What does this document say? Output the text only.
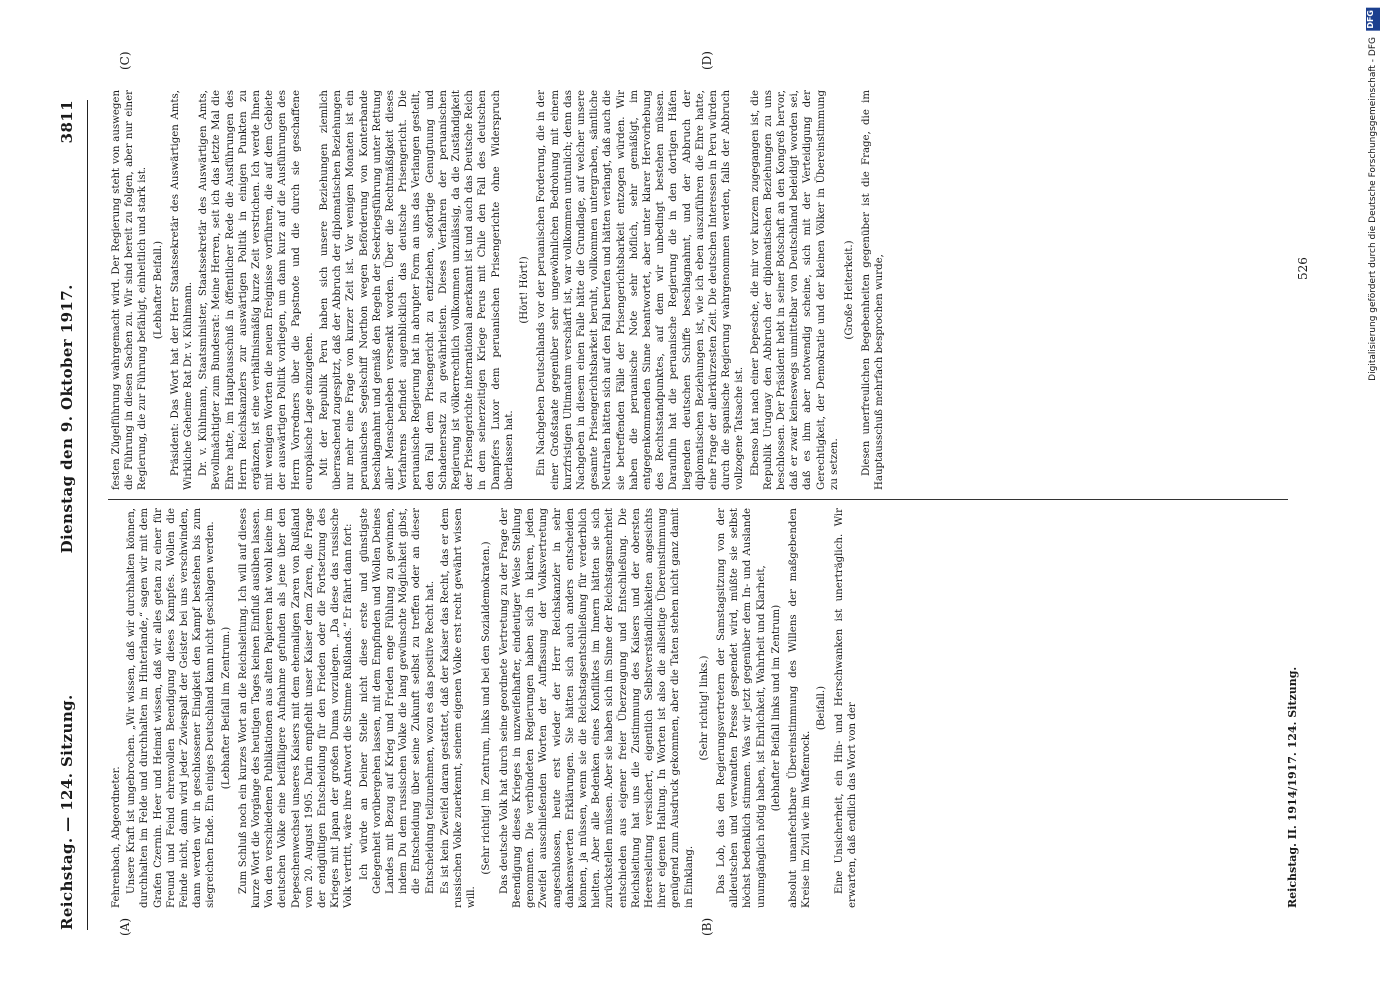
Reichstag. — 124. Sitzung.
Dienstag den 9. Oktober 1917.
3811
(A)	(B)
(C)	(D)

Fehrenbach, Abgeordneter. Unsere Kraft ist ungebrochen. „Wir wissen, daß wir durchhalten können, durchhalten im Felde und durchhalten im Hinterlande,“ sagen wir mit dem Grafen Czernin. Heer und Heimat wissen, daß wir alles getan zu einer für Freund und Feind ehrenvollen Beendigung dieses Kampfes. Wollen die Feinde nicht, dann wird jeder Zwiespalt der Geister bei uns verschwinden, dann werden wir in geschlossener Einigkeit den Kampf bestehen bis zum siegreichen Ende. Ein einiges Deutschland kann nicht geschlagen werden. (Lebhafter Beifall im Zentrum.) Zum Schluß noch ein kurzes Wort an die Reichsleitung. Ich will auf dieses kurze Wort die Vorgänge des heutigen Tages keinen Einfluß ausüben lassen. Von den verschiedenen Publikationen aus alten Papieren hat wohl keine im deutschen Volke eine beifälligere Aufnahme gefunden als jene über den Depeschenwechsel unseres Kaisers mit dem ehemaligen Zaren von Rußland vom 20. August 1905. Darin empfiehlt unser Kaiser dem Zaren, die Frage der endgültigen Entscheidung für den Frieden oder die Fortsetzung des Krieges mit Japan der großen Duma vorzulegen. „Da diese das russische Volk vertritt, wäre ihre Antwort die Stimme Rußlands.“ Er fährt dann fort: Ich würde an Deiner Stelle nicht diese erste und günstigste Gelegenheit vorübergehen lassen, mit dem Empfinden und Wollen Deines Landes mit Bezug auf Krieg und Frieden enge Fühlung zu gewinnen, indem Du dem russischen Volke die lang gewünschte Möglichkeit gibst, die Entscheidung über seine Zukunft selbst zu treffen oder an dieser Entscheidung teilzunehmen, wozu es das positive Recht hat. Es ist kein Zweifel daran gestattet, daß der Kaiser das Recht, das er dem russischen Volke zuerkennt, seinem eigenen Volke erst recht gewährt wissen will.

(Sehr richtig! im Zentrum, links und bei den Sozialdemokraten.) Das deutsche Volk hat durch seine geordnete Vertretung zu der Frage der Beendigung dieses Krieges in unzweifelhafter, eindeutiger Weise Stellung genommen. Die verbündeten Regierungen haben sich in klaren, jeden Zweifel ausschließenden Worten der Auffassung der Volksvertretung angeschlossen, heute erst wieder der Herr Reichskanzler in sehr dankenswerten Erklärungen. Sie hätten sich auch anders entscheiden können, ja müssen, wenn sie die Reichstagsentschließung für verderblich hielten. Aber alle Bedenken eines Konfliktes im Innern hätten sie sich zurückstellen müssen. Aber sie haben sich im Sinne der Reichstagsmehrheit entschieden aus eigener freier Überzeugung und Entschließung. Die Reichsleitung hat uns die Zustimmung des Kaisers und der obersten Heeresleitung versichert, eigentlich Selbstverständlichkeiten angesichts ihrer eigenen Haltung. In Worten ist also die allseitige Übereinstimmung genügend zum Ausdruck gekommen, aber die Taten stehen nicht ganz damit in Einklang.

(Sehr richtig! links.) Das Lob, das den Regierungsvertretern der Samstagsitzung von der alldeutschen und verwandten Presse gespendet wird, müßte sie selbst höchst bedenklich stimmen. Was wir jetzt gegenüber dem In- und Auslande unumgänglich nötig haben, ist Ehrlichkeit, Wahrheit und Klarheit, (lebhafter Beifall links und im Zentrum) absolut unanfechtbare Übereinstimmung des Willens der maßgebenden Kreise im Zivil wie im Waffenrock.

(Beifall.) Eine Unsicherheit, ein Hin- und Herschwanken ist unerträglich. Wir erwarten, daß endlich das Wort von der

festen Zügelführung wahrgemacht wird. Der Regierung steht von auswegen die Führung in diesen Sachen zu. Wir sind bereit zu folgen, aber nur einer Regierung, die zur Führung befähigt, einheitlich und stark ist. (Lebhafter Beifall.) Präsident: Das Wort hat der Herr Staatssekretär des Auswärtigen Amts, Wirkliche Geheime Rat Dr. v. Kühlmann. Dr. v. Kühlmann, Staatsminister, Staatssekretär des Auswärtigen Amts, Bevollmächtigter zum Bundesrat: Meine Herren, seit ich das letzte Mal die Ehre hatte, im Hauptausschuß in öffentlicher Rede die Ausführungen des Herrn Reichskanzlers zur auswärtigen Politik in einigen Punkten zu ergänzen, ist eine verhältnismäßig kurze Zeit verstrichen. Ich werde Ihnen mit wenigen Worten die neuen Ereignisse vorführen, die auf dem Gebiete der auswärtigen Politik vorliegen, um dann kurz auf die Ausführungen des Herrn Vorredners über die Papstnote und die durch sie geschaffene europäische Lage einzugehen. Mit der Republik Peru haben sich unsere Beziehungen ziemlich überraschend zugespitzt, daß der Abbruch der diplomatischen Beziehungen nur mehr eine Frage von kurzer Zeit ist. Vor wenigen Monaten ist ein peruanisches Segelschiff Northon wegen Beförderung von Konterbande beschlagnahmt und gemäß den Regeln der Seekriegsführung unter Rettung aller Menschenleben versenkt worden. Über die Rechtmäßigkeit dieses Verfahrens befindet augenblicklich das deutsche Prisengericht. Die peruanische Regierung hat in abrupter Form an uns das Verlangen gestellt, den Fall dem Prisengericht zu entziehen, sofortige Genugtuung und Schadenersatz zu gewährleisten. Dieses Verfahren der peruanischen Regierung ist völkerrechtlich vollkommen unzulässig, da die Zuständigkeit der Prisengerichte international anerkannt ist und auch das Deutsche Reich in dem seinerzeitigen Kriege Perus mit Chile den Fall des deutschen Dampfers Luxor dem peruanischen Prisengerichte ohne Widerspruch überlassen hat.

(Hört! Hört!) Ein Nachgeben Deutschlands vor der peruanischen Forderung, die in der einer Großstaate gegenüber sehr ungewöhnlichen Bedrohung mit einem kurzfristigen Ultimatum verschärft ist, war vollkommen untunlich; denn das Nachgeben in diesem einen Falle hätte die Grundlage, auf welcher unsere gesamte Prisengerichtsbarkeit beruht, vollkommen untergraben, sämtliche Neutralen hätten sich auf den Fall berufen und hätten verlangt, daß auch die sie betreffenden Fälle der Prisengerichtsbarkeit entzogen würden. Wir haben die peruanische Note sehr höflich, sehr gemäßigt, im entgegenkommenden Sinne beantwortet, aber unter klarer Hervorhebung des Rechtsstandpunktes, auf dem wir unbedingt bestehen müssen. Daraufhin hat die peruanische Regierung die in den dortigen Häfen liegenden deutschen Schiffe beschlagnahmt, und der Abbruch der diplomatischen Beziehungen ist, wie ich eben auszuführen die Ehre hatte, eine Frage der allerkürzesten Zeit. Die deutschen Interessen in Peru würden durch die spanische Regierung wahrgenommen werden, falls der Abbruch vollzogene Tatsache ist. Ebenso hat nach einer Depesche, die mir vor kurzem zugegangen ist, die Republik Uruguay den Abbruch der diplomatischen Beziehungen zu uns beschlossen. Der Präsident hebt in seiner Botschaft an den Kongreß hervor, daß er zwar keineswegs unmittelbar von Deutschland beleidigt worden sei, daß es ihm aber notwendig scheine, sich mit der Verteidigung der Gerechtigkeit, der Demokratie und der kleinen Völker in Übereinstimmung zu setzen.

(Große Heiterkeit.) Diesen unerfreulichen Begebenheiten gegenüber ist die Frage, die im Hauptausschuß mehrfach besprochen wurde,

Reichstag. II. 1914/1917. 124. Sitzung.
526
DFG
Digitalisierung gefördert durch die Deutsche Forschungsgemeinschaft - DFG
